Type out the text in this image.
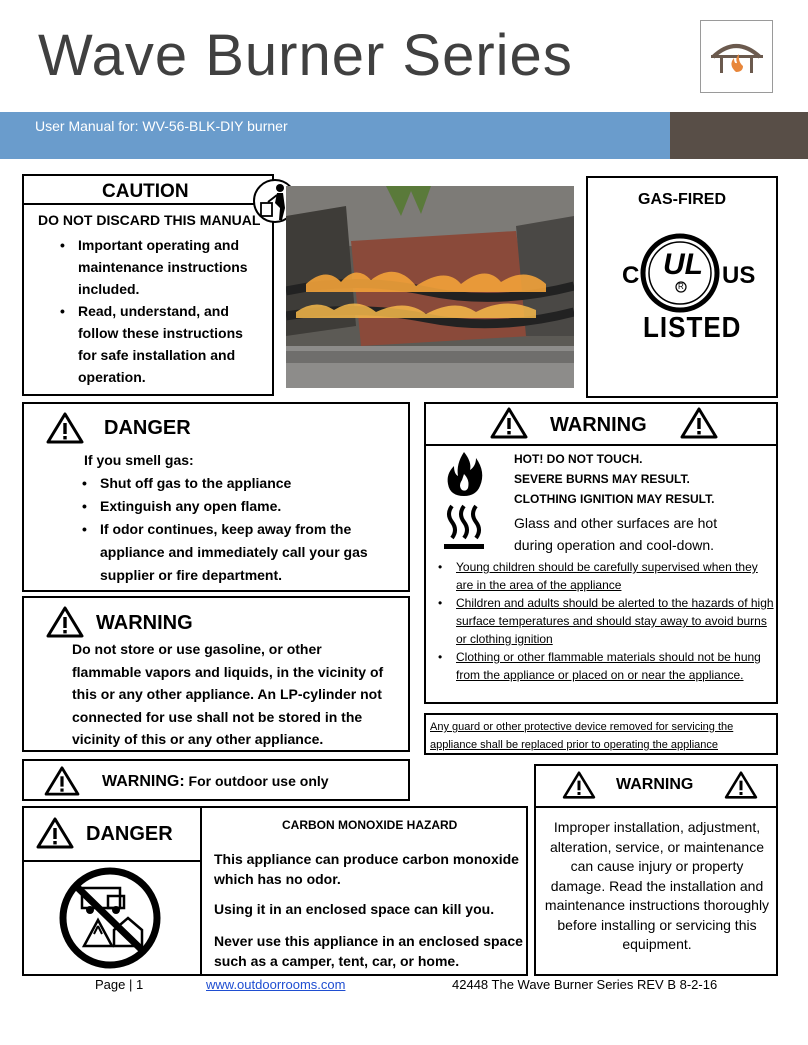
Wave Burner Series
User Manual for: WV-56-BLK-DIY burner
CAUTION
DO NOT DISCARD THIS MANUAL
• Important operating and maintenance instructions included.
• Read, understand, and follow these instructions for safe installation and operation.
GAS-FIRED
C UL
R US
LISTED
DANGER
If you smell gas:
• Shut off gas to the appliance
• Extinguish any open flame.
• If odor continues, keep away from the appliance and immediately call your gas supplier or fire department.
WARNING
HOT! DO NOT TOUCH.
SEVERE BURNS MAY RESULT.
CLOTHING IGNITION MAY RESULT.
Glass and other surfaces are hot during operation and cool-down.
• Young children should be carefully supervised when they are in the area of the appliance
• Children and adults should be alerted to the hazards of high surface temperatures and should stay away to avoid burns or clothing ignition
• Clothing or other flammable materials should not be hung from the appliance or placed on or near the appliance.
Any guard or other protective device removed for servicing the appliance shall be replaced prior to operating the appliance
WARNING
Do not store or use gasoline, or other flammable vapors and liquids, in the vicinity of this or any other appliance. An LP-cylinder not connected for use shall not be stored in the vicinity of this or any other appliance.
WARNING: For outdoor use only	WARNING
Improper installation, adjustment, alteration, service, or maintenance can cause injury or property damage. Read the installation and maintenance instructions thoroughly before installing or servicing this equipment.
DANGER	CARBON MONOXIDE HAZARD
This appliance can produce carbon monoxide which has no odor.
Using it in an enclosed space can kill you.
Never use this appliance in an enclosed space such as a camper, tent, car, or home.
Page | 1	www.outdoorrooms.com	42448 The Wave Burner Series REV B 8-2-16
